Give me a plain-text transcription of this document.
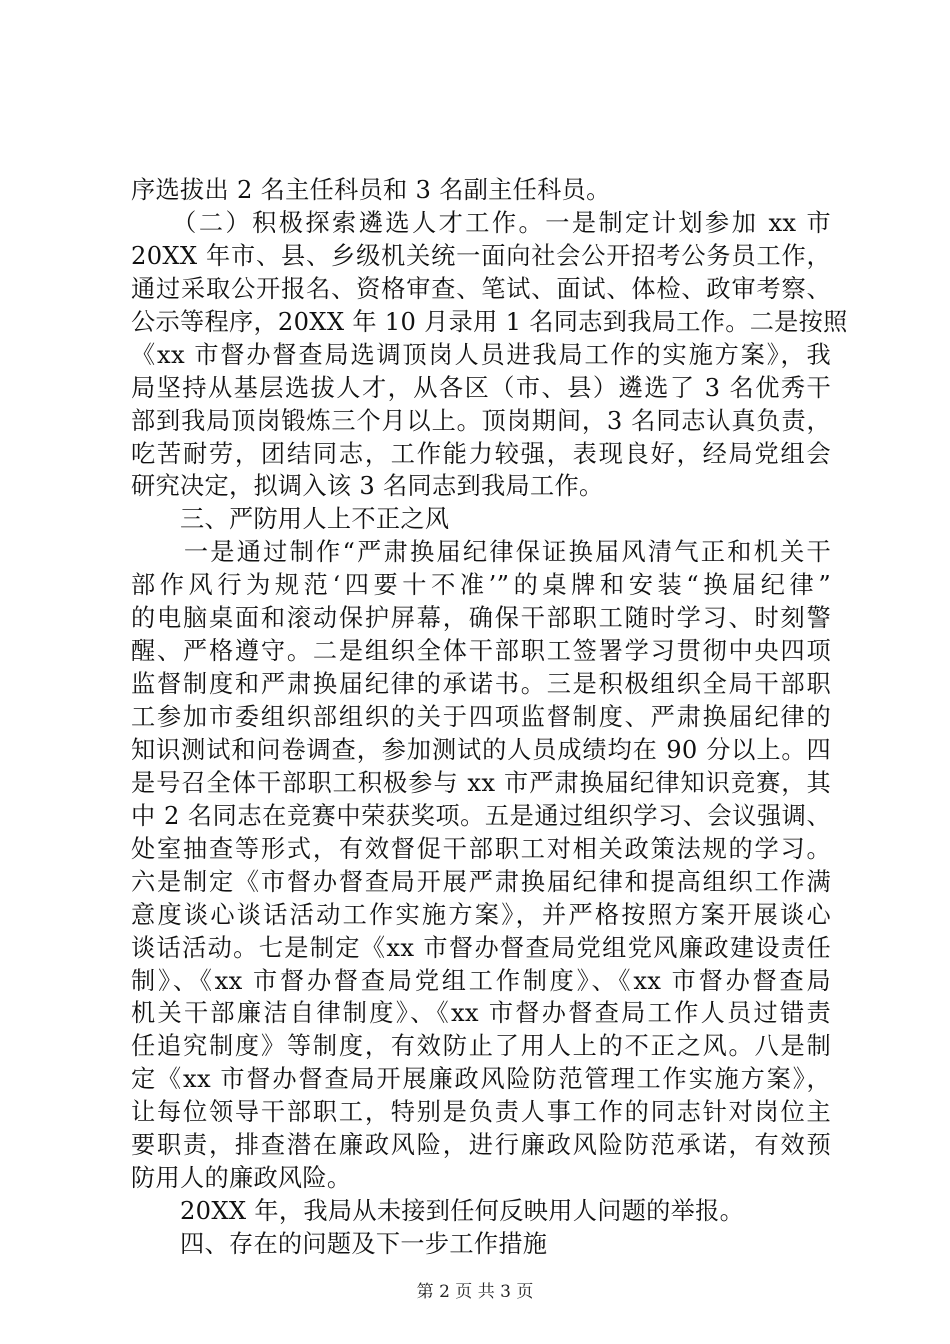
序选拔出 2 名主任科员和 3 名副主任科员。
　　（二）积极探索遴选人才工作。一是制定计划参加 xx 市
20XX 年市、县、乡级机关统一面向社会公开招考公务员工作，
通过采取公开报名、资格审查、笔试、面试、体检、政审考察、
公示等程序，20XX 年 10 月录用 1 名同志到我局工作。二是按照
《xx 市督办督查局选调顶岗人员进我局工作的实施方案》，我
局坚持从基层选拔人才，从各区（市、县）遴选了 3 名优秀干
部到我局顶岗锻炼三个月以上。顶岗期间，3 名同志认真负责，
吃苦耐劳，团结同志，工作能力较强，表现良好，经局党组会
研究决定，拟调入该 3 名同志到我局工作。
　　三、严防用人上不正之风
　　一是通过制作“严肃换届纪律保证换届风清气正和机关干
部作风行为规范‘四要十不准’”的桌牌和安装“换届纪律”
的电脑桌面和滚动保护屏幕，确保干部职工随时学习、时刻警
醒、严格遵守。二是组织全体干部职工签署学习贯彻中央四项
监督制度和严肃换届纪律的承诺书。三是积极组织全局干部职
工参加市委组织部组织的关于四项监督制度、严肃换届纪律的
知识测试和问卷调查，参加测试的人员成绩均在 90 分以上。四
是号召全体干部职工积极参与 xx 市严肃换届纪律知识竞赛，其
中 2 名同志在竞赛中荣获奖项。五是通过组织学习、会议强调、
处室抽查等形式，有效督促干部职工对相关政策法规的学习。
六是制定《市督办督查局开展严肃换届纪律和提高组织工作满
意度谈心谈话活动工作实施方案》，并严格按照方案开展谈心
谈话活动。七是制定《xx 市督办督查局党组党风廉政建设责任
制》、《xx 市督办督查局党组工作制度》、《xx 市督办督查局
机关干部廉洁自律制度》、《xx 市督办督查局工作人员过错责
任追究制度》等制度，有效防止了用人上的不正之风。八是制
定《xx 市督办督查局开展廉政风险防范管理工作实施方案》，
让每位领导干部职工，特别是负责人事工作的同志针对岗位主
要职责，排查潜在廉政风险，进行廉政风险防范承诺，有效预
防用人的廉政风险。
　　20XX 年，我局从未接到任何反映用人问题的举报。
　　四、存在的问题及下一步工作措施
第 2 页 共 3 页
